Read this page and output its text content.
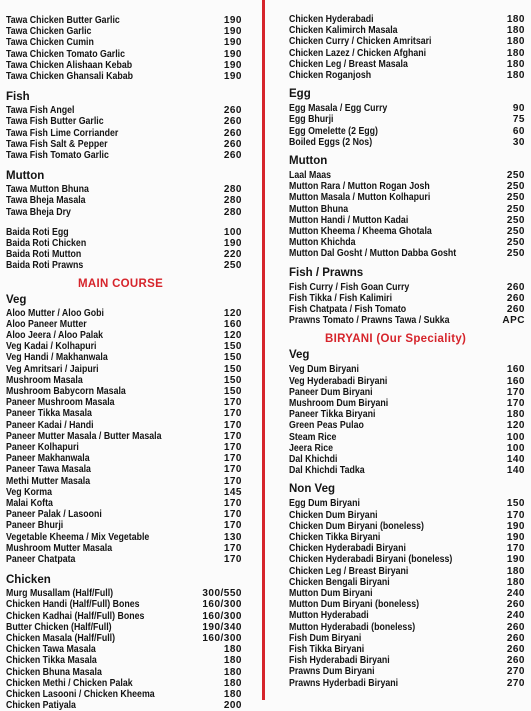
Tawa Chicken Butter Garlic	190
Tawa Chicken Garlic	190
Tawa Chicken Cumin	190
Tawa Chicken Tomato Garlic	190
Tawa Chicken Alishaan Kebab	190
Tawa Chicken Ghansali Kabab	190
Fish
Tawa Fish Angel	260
Tawa Fish Butter Garlic	260
Tawa Fish Lime Corriander	260
Tawa Fish Salt & Pepper	260
Tawa Fish Tomato Garlic	260
Mutton
Tawa Mutton Bhuna	280
Tawa Bheja Masala	280
Tawa Bheja Dry	280
Baida Roti Egg	100
Baida Roti Chicken	190
Baida Roti Mutton	220
Baida Roti Prawns	250
MAIN COURSE
Veg
Aloo Mutter / Aloo Gobi	120
Aloo Paneer Mutter	160
Aloo Jeera / Aloo Palak	120
Veg Kadai / Kolhapuri	150
Veg Handi / Makhanwala	150
Veg Amritsari / Jaipuri	150
Mushroom Masala	150
Mushroom Babycorn Masala	150
Paneer Mushroom Masala	170
Paneer Tikka Masala	170
Paneer Kadai / Handi	170
Paneer Mutter Masala / Butter Masala	170
Paneer Kolhapuri	170
Paneer Makhanwala	170
Paneer Tawa Masala	170
Methi Mutter Masala	170
Veg Korma	145
Malai Kofta	170
Paneer Palak / Lasooni	170
Paneer Bhurji	170
Vegetable Kheema / Mix Vegetable	130
Mushroom Mutter Masala	170
Paneer Chatpata	170
Chicken
Murg Musallam (Half/Full)	300/550
Chicken Handi (Half/Full) Bones	160/300
Chicken Kadhai (Half/Full) Bones	160/300
Butter Chicken (Half/Full)	190/340
Chicken Masala (Half/Full)	160/300
Chicken Tawa Masala	180
Chicken Tikka Masala	180
Chicken Bhuna Masala	180
Chicken Methi / Chicken Palak	180
Chicken Lasooni / Chicken Kheema	180
Chicken Patiyala	200
Chicken Hyderabadi	180
Chicken Kalimirch Masala	180
Chicken Curry / Chicken Amritsari	180
Chicken Lazez / Chicken Afghani	180
Chicken Leg / Breast Masala	180
Chicken Roganjosh	180
Egg
Egg Masala / Egg Curry	90
Egg Bhurji	75
Egg Omelette (2 Egg)	60
Boiled Eggs (2 Nos)	30
Mutton
Laal Maas	250
Mutton Rara / Mutton Rogan Josh	250
Mutton Masala / Mutton Kolhapuri	250
Mutton Bhuna	250
Mutton Handi / Mutton Kadai	250
Mutton Kheema / Kheema Ghotala	250
Mutton Khichda	250
Mutton Dal Gosht / Mutton Dabba Gosht	250
Fish / Prawns
Fish Curry / Fish Goan Curry	260
Fish Tikka / Fish Kalimiri	260
Fish Chatpata / Fish Tomato	260
Prawns Tomato / Prawns Tawa / Sukka	APC
BIRYANI (Our Speciality)
Veg
Veg Dum Biryani	160
Veg Hyderabadi Biryani	160
Paneer Dum Biryani	170
Mushroom Dum Biryani	170
Paneer Tikka Biryani	180
Green Peas Pulao	120
Steam Rice	100
Jeera Rice	100
Dal Khichdi	140
Dal Khichdi Tadka	140
Non Veg
Egg Dum Biryani	150
Chicken Dum Biryani	170
Chicken Dum Biryani (boneless)	190
Chicken Tikka Biryani	190
Chicken Hyderabadi Biryani	170
Chicken Hyderabadi Biryani (boneless)	190
Chicken Leg / Breast Biryani	180
Chicken Bengali Biryani	180
Mutton Dum Biryani	240
Mutton Dum Biryani (boneless)	260
Mutton Hyderabadi	240
Mutton Hyderabadi (boneless)	260
Fish Dum Biryani	260
Fish Tikka Biryani	260
Fish Hyderabadi Biryani	260
Prawns Dum Biryani	270
Prawns Hyderbadi Biryani	270
